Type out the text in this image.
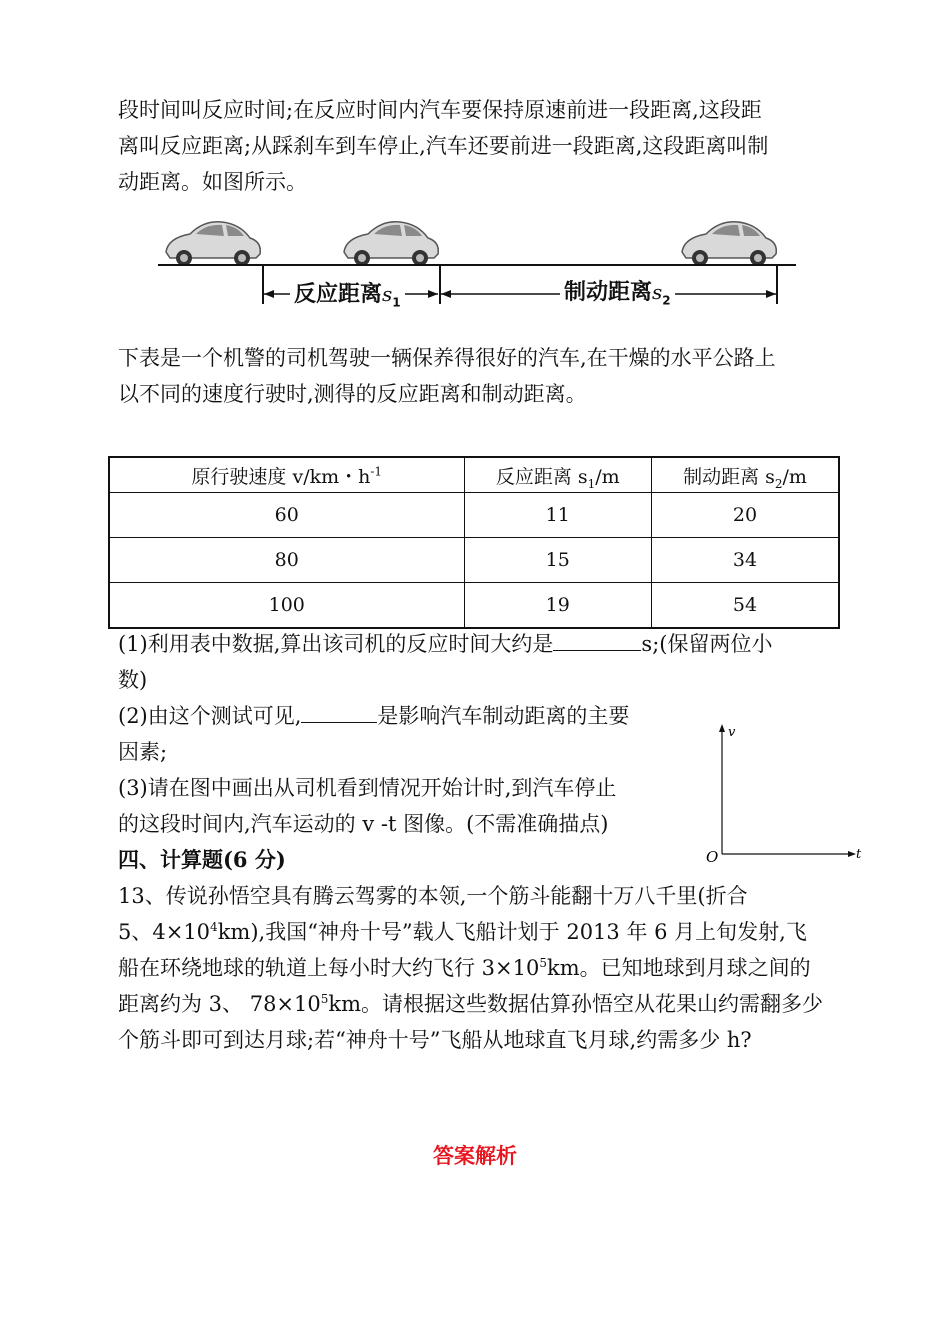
段时间叫反应时间;在反应时间内汽车要保持原速前进一段距离,这段距
离叫反应距离;从踩刹车到车停止,汽车还要前进一段距离,这段距离叫制
动距离。如图所示。
反应距离$s_1$	制动距离$s_2$
下表是一个机警的司机驾驶一辆保养得很好的汽车,在干燥的水平公路上
以不同的速度行驶时,测得的反应距离和制动距离。
原行驶速度 v/km・$h^{-1}$	反应距离 $s_1/m$	制动距离 $s_2/m$
60	11	20
80	15	34
100	19	54
(1)利用表中数据,算出该司机的反应时间大约是	s;(保留两位小
数)
(2)由这个测试可见,	是影响汽车制动距离的主要
因素;
(3)请在图中画出从司机看到情况开始计时,到汽车停止
的这段时间内,汽车运动的 v -t 图像。(不需准确描点)
四、计算题(6 分)
13、传说孙悟空具有腾云驾雾的本领,一个筋斗能翻十万八千里(折合
5、$4\times 10^4km$),我国“神舟十号”载人飞船计划于 2013 年 6 月上旬发射,飞
船在环绕地球的轨道上每小时大约飞行 $3\times 10^5km$。已知地球到月球之间的
距离约为 3、 $78\times 10^5km$。请根据这些数据估算孙悟空从花果山约需翻多少
个筋斗即可到达月球;若“神舟十号”飞船从地球直飞月球,约需多少 h?
v
t
O
答案解析
